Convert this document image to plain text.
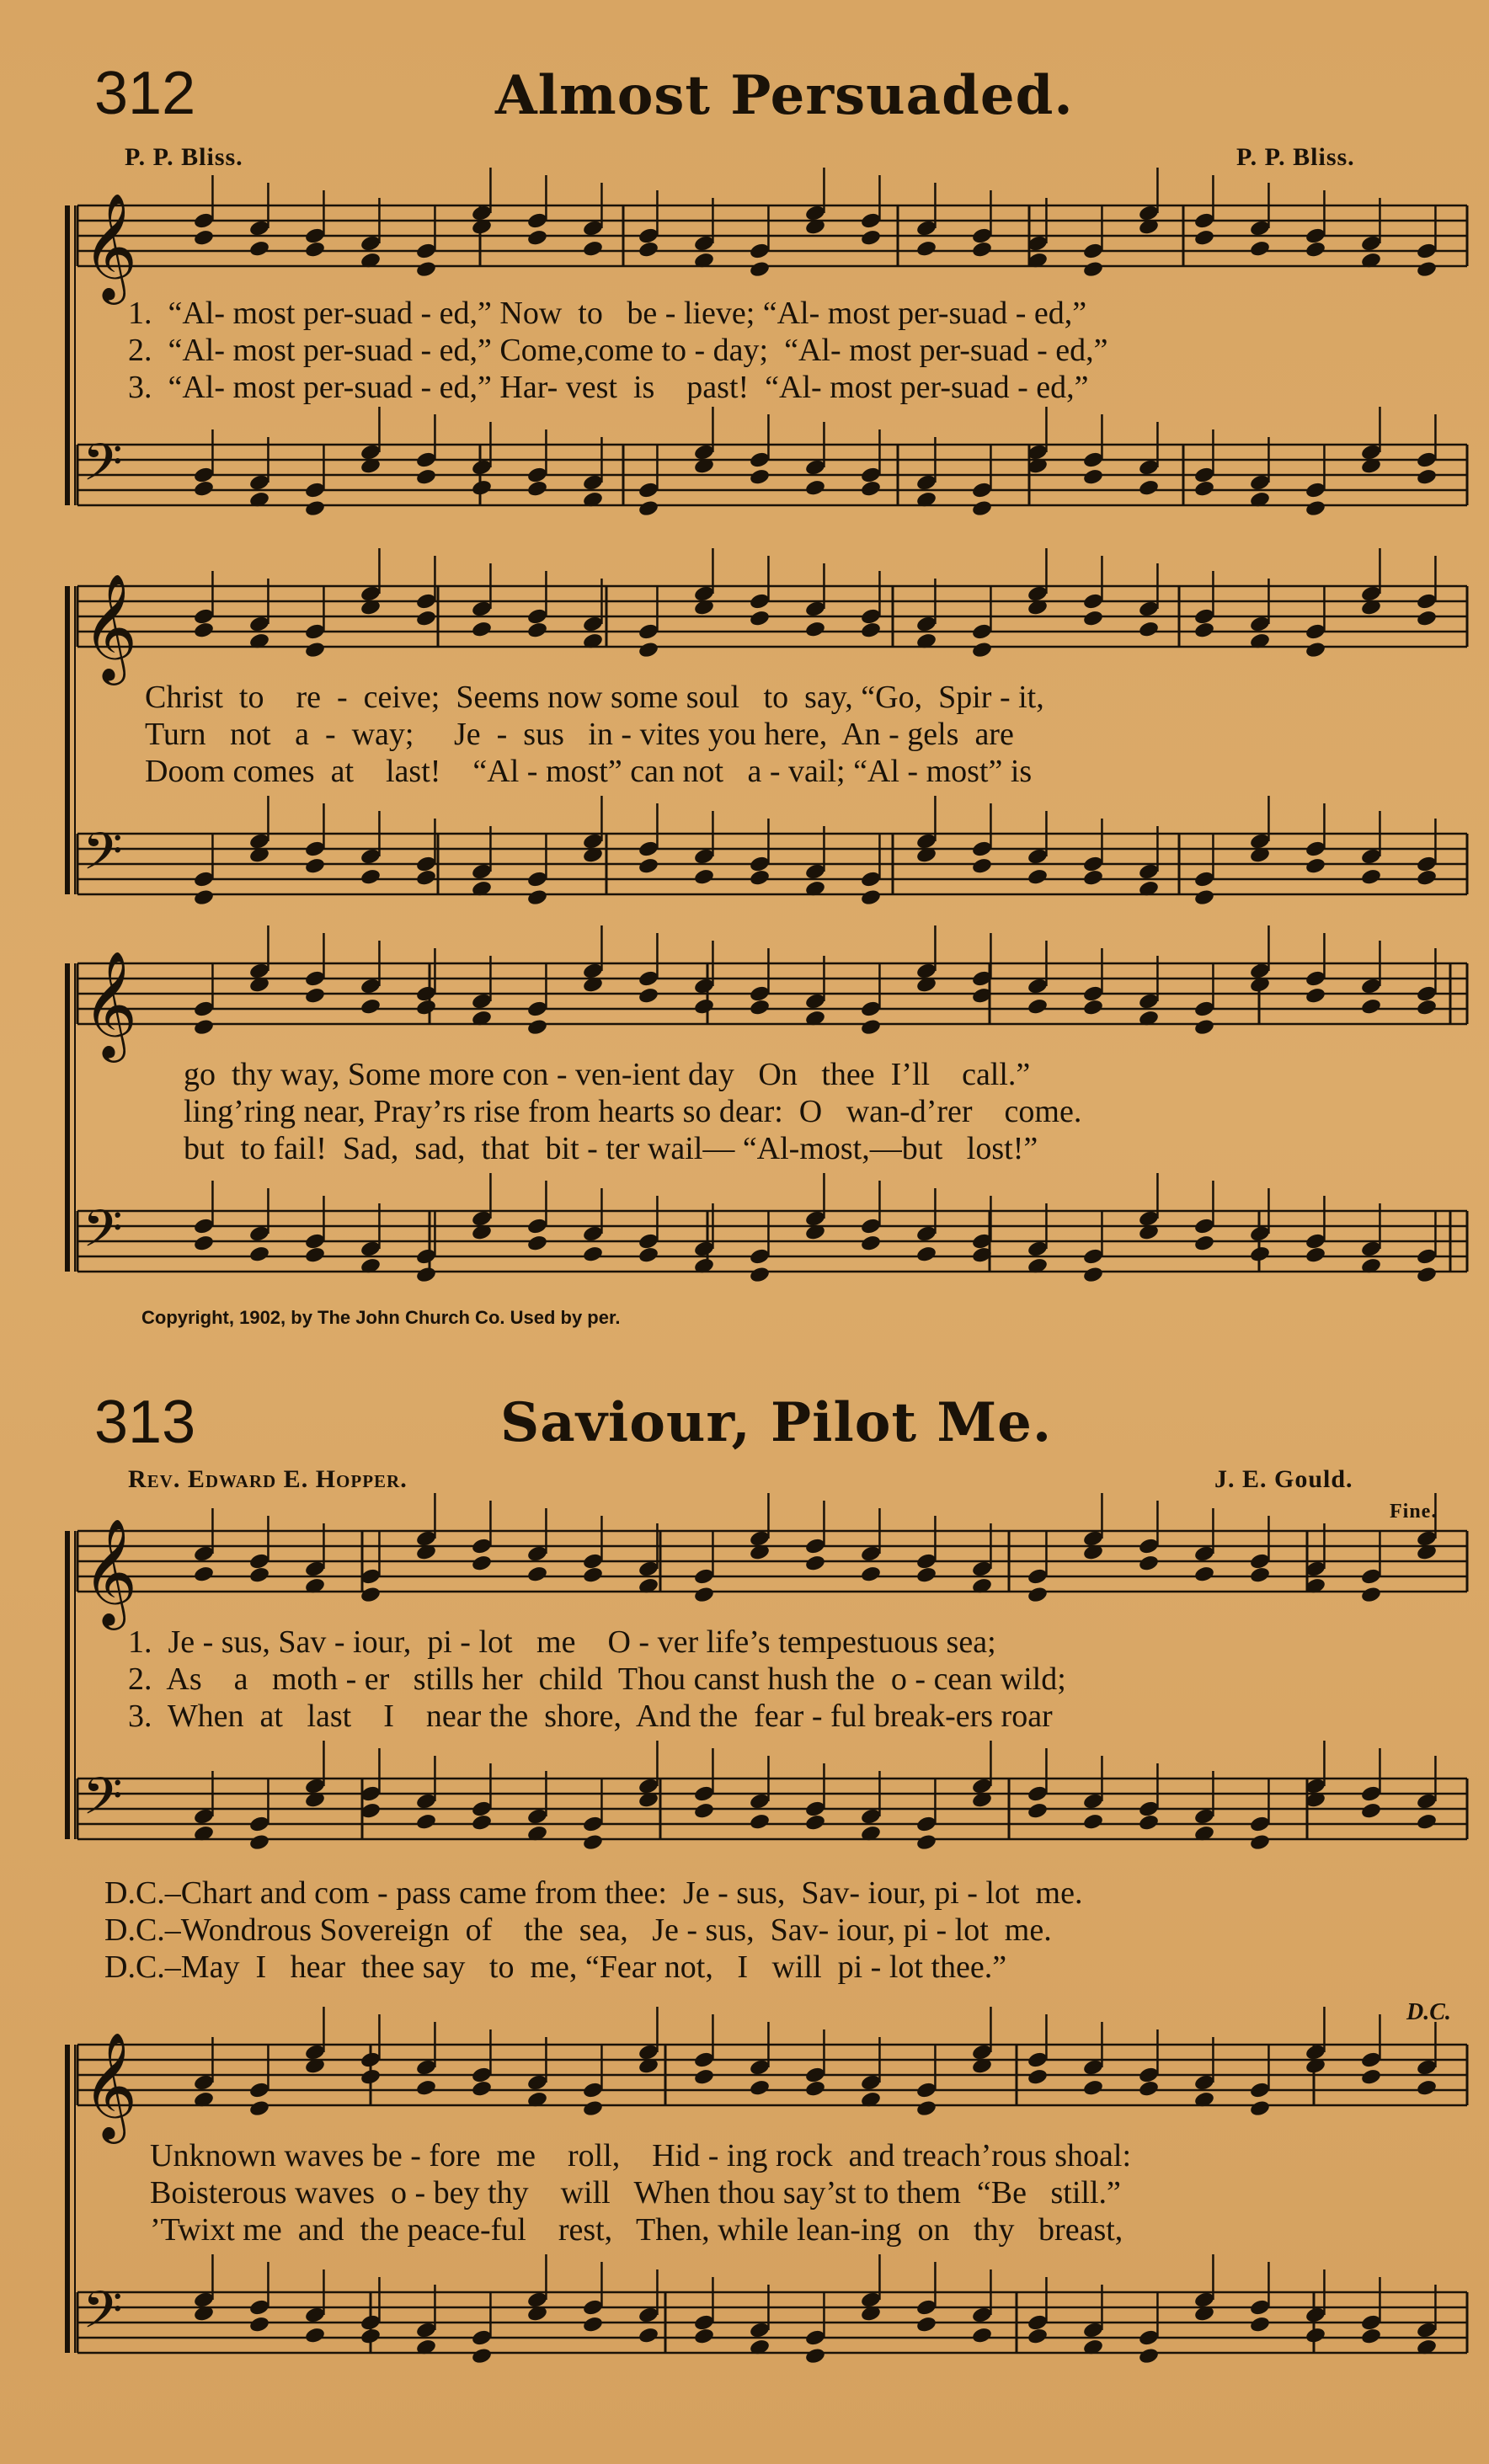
312	Almost Persuaded.
P. P. Bliss.	P. P. Bliss.
𝄞
𝄢
𝄞
𝄢
𝄞
𝄢
𝄞
𝄢
𝄞
𝄢
1.  “Al- most per-suad - ed,” Now  to   be - lieve; “Al- most per-suad - ed,”
2.  “Al- most per-suad - ed,” Come,come to - day;  “Al- most per-suad - ed,”
3.  “Al- most per-suad - ed,” Har- vest  is    past!  “Al- most per-suad - ed,”
Christ  to    re  -  ceive;  Seems now some soul   to  say, “Go,  Spir - it,
Turn   not   a  -  way;     Je  -  sus   in - vites you here,  An - gels  are
Doom comes  at    last!    “Al - most” can not   a - vail; “Al - most” is
go  thy way, Some more con - ven-ient day   On   thee  I’ll    call.”
ling’ring near, Pray’rs rise from hearts so dear:  O   wan-d’rer    come.
but  to fail!  Sad,  sad,  that  bit - ter wail— “Al-most,—but   lost!”
Copyright, 1902, by The John Church Co. Used by per.
313	Saviour, Pilot Me.
Rev. Edward E. Hopper.	J. E. Gould.
Fine.
1.  Je - sus, Sav - iour,  pi - lot   me    O - ver life’s tempestuous sea;
2.  As    a   moth - er   stills her  child  Thou canst hush the  o - cean wild;
3.  When  at   last    I    near the  shore,  And the  fear - ful break-ers roar
D.C.–Chart and com - pass came from thee:  Je - sus,  Sav- iour, pi - lot  me.
D.C.–Wondrous Sovereign  of    the  sea,   Je - sus,  Sav- iour, pi - lot  me.
D.C.–May  I   hear  thee say   to  me, “Fear not,   I   will  pi - lot thee.”
D.C.
Unknown waves be - fore  me    roll,    Hid - ing rock  and treach’rous shoal:
Boisterous waves  o - bey thy    will   When thou say’st to them  “Be   still.”
’Twixt me  and  the peace-ful    rest,   Then, while lean-ing  on   thy   breast,
